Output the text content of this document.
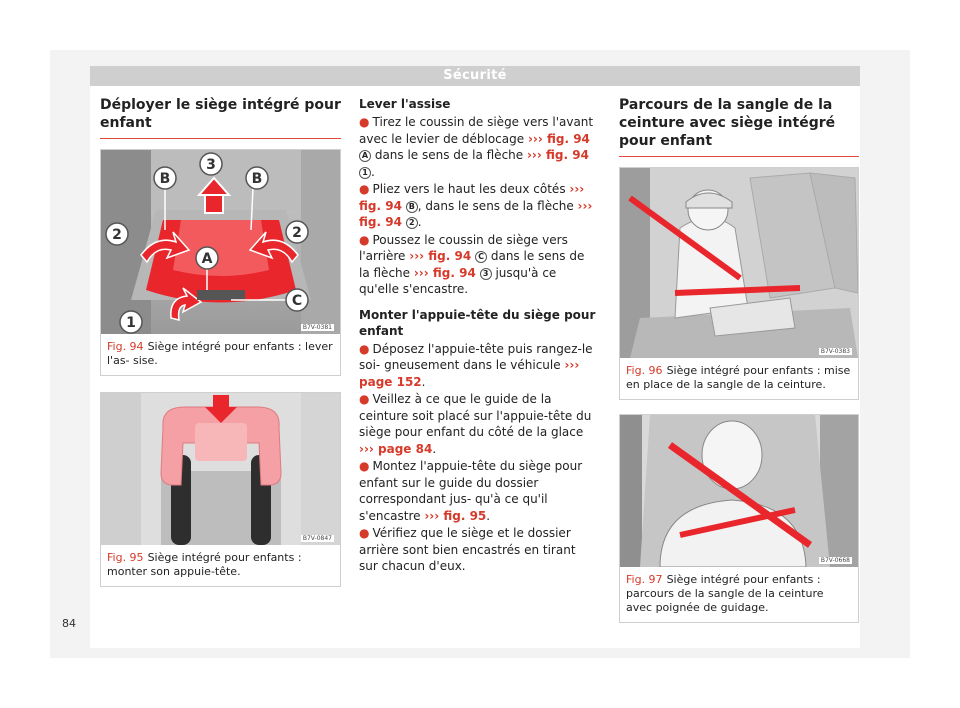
Sécurité
Déployer le siège intégré pour enfant
B
3
B
2	2
A
C
1	B7V-0381
Fig. 94 Siège intégré pour enfants : lever l'as- sise.
B7V-0847
Fig. 95 Siège intégré pour enfants : monter son appuie-tête.
Lever l'assise

● Tirez le coussin de siège vers l'avant avec le levier de déblocage ››› fig. 94 A dans le sens de la flèche ››› fig. 94 1 .

● Pliez vers le haut les deux côtés ››› fig. 94 B , dans le sens de la flèche ››› fig. 94 2 .

● Poussez le coussin de siège vers l'arrière ››› fig. 94 C dans le sens de la flèche ››› fig. 94 3 jusqu'à ce qu'elle s'encastre.

Monter l'appuie-tête du siège pour enfant

● Déposez l'appuie-tête puis rangez-le soi- gneusement dans le véhicule ››› page 152.

● Veillez à ce que le guide de la ceinture soit placé sur l'appuie-tête du siège pour enfant du côté de la glace ››› page 84.

● Montez l'appuie-tête du siège pour enfant sur le guide du dossier correspondant jus- qu'à ce qu'il s'encastre ››› fig. 95.

● Vérifiez que le siège et le dossier arrière sont bien encastrés en tirant sur chacun d'eux.

Parcours de la sangle de la ceinture avec siège intégré pour enfant
B7V-0383
Fig. 96 Siège intégré pour enfants : mise en place de la sangle de la ceinture.
B7V-0668
Fig. 97 Siège intégré pour enfants : parcours de la sangle de la ceinture avec poignée de guidage.
84
